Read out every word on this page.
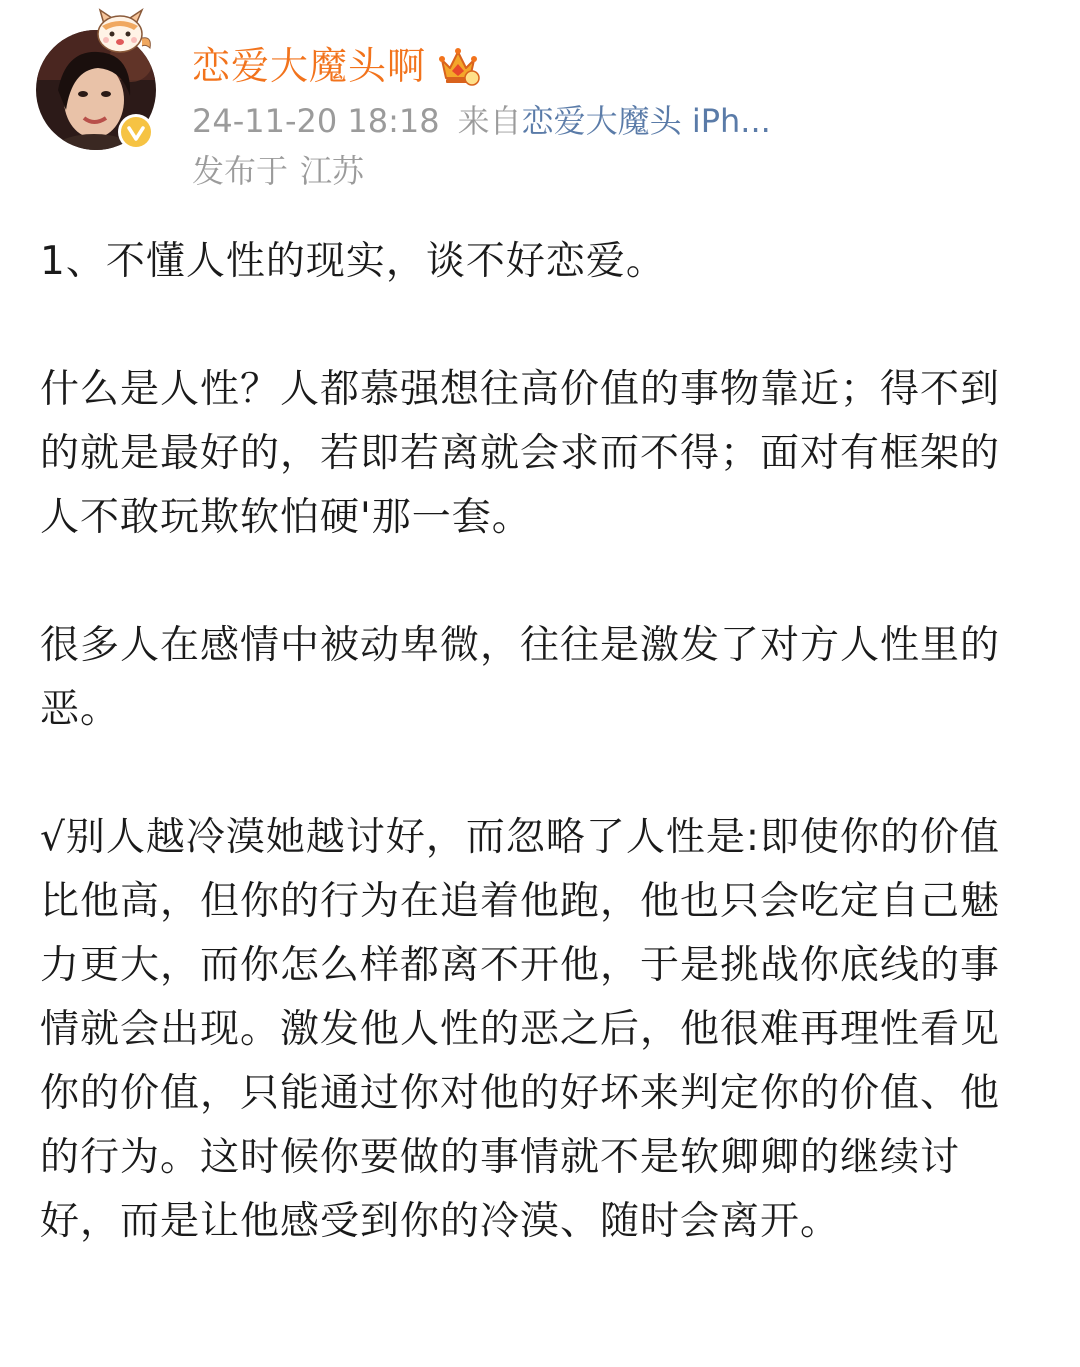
恋爱大魔头啊
24-11-20 18:18 来自恋爱大魔头 iPh...
发布于 江苏

1、不懂人性的现实，谈不好恋爱。

什么是人性？人都慕强想往高价值的事物靠近；得不到的就是最好的，若即若离就会求而不得；面对有框架的人不敢玩欺软怕硬'那一套。

很多人在感情中被动卑微，往往是激发了对方人性里的恶。

√别人越冷漠她越讨好，而忽略了人性是:即使你的价值比他高，但你的行为在追着他跑，他也只会吃定自己魅力更大，而你怎么样都离不开他，于是挑战你底线的事情就会出现。激发他人性的恶之后，他很难再理性看见你的价值，只能通过你对他的好坏来判定你的价值、他的行为。这时候你要做的事情就不是软卿卿的继续讨好，而是让他感受到你的冷漠、随时会离开。
